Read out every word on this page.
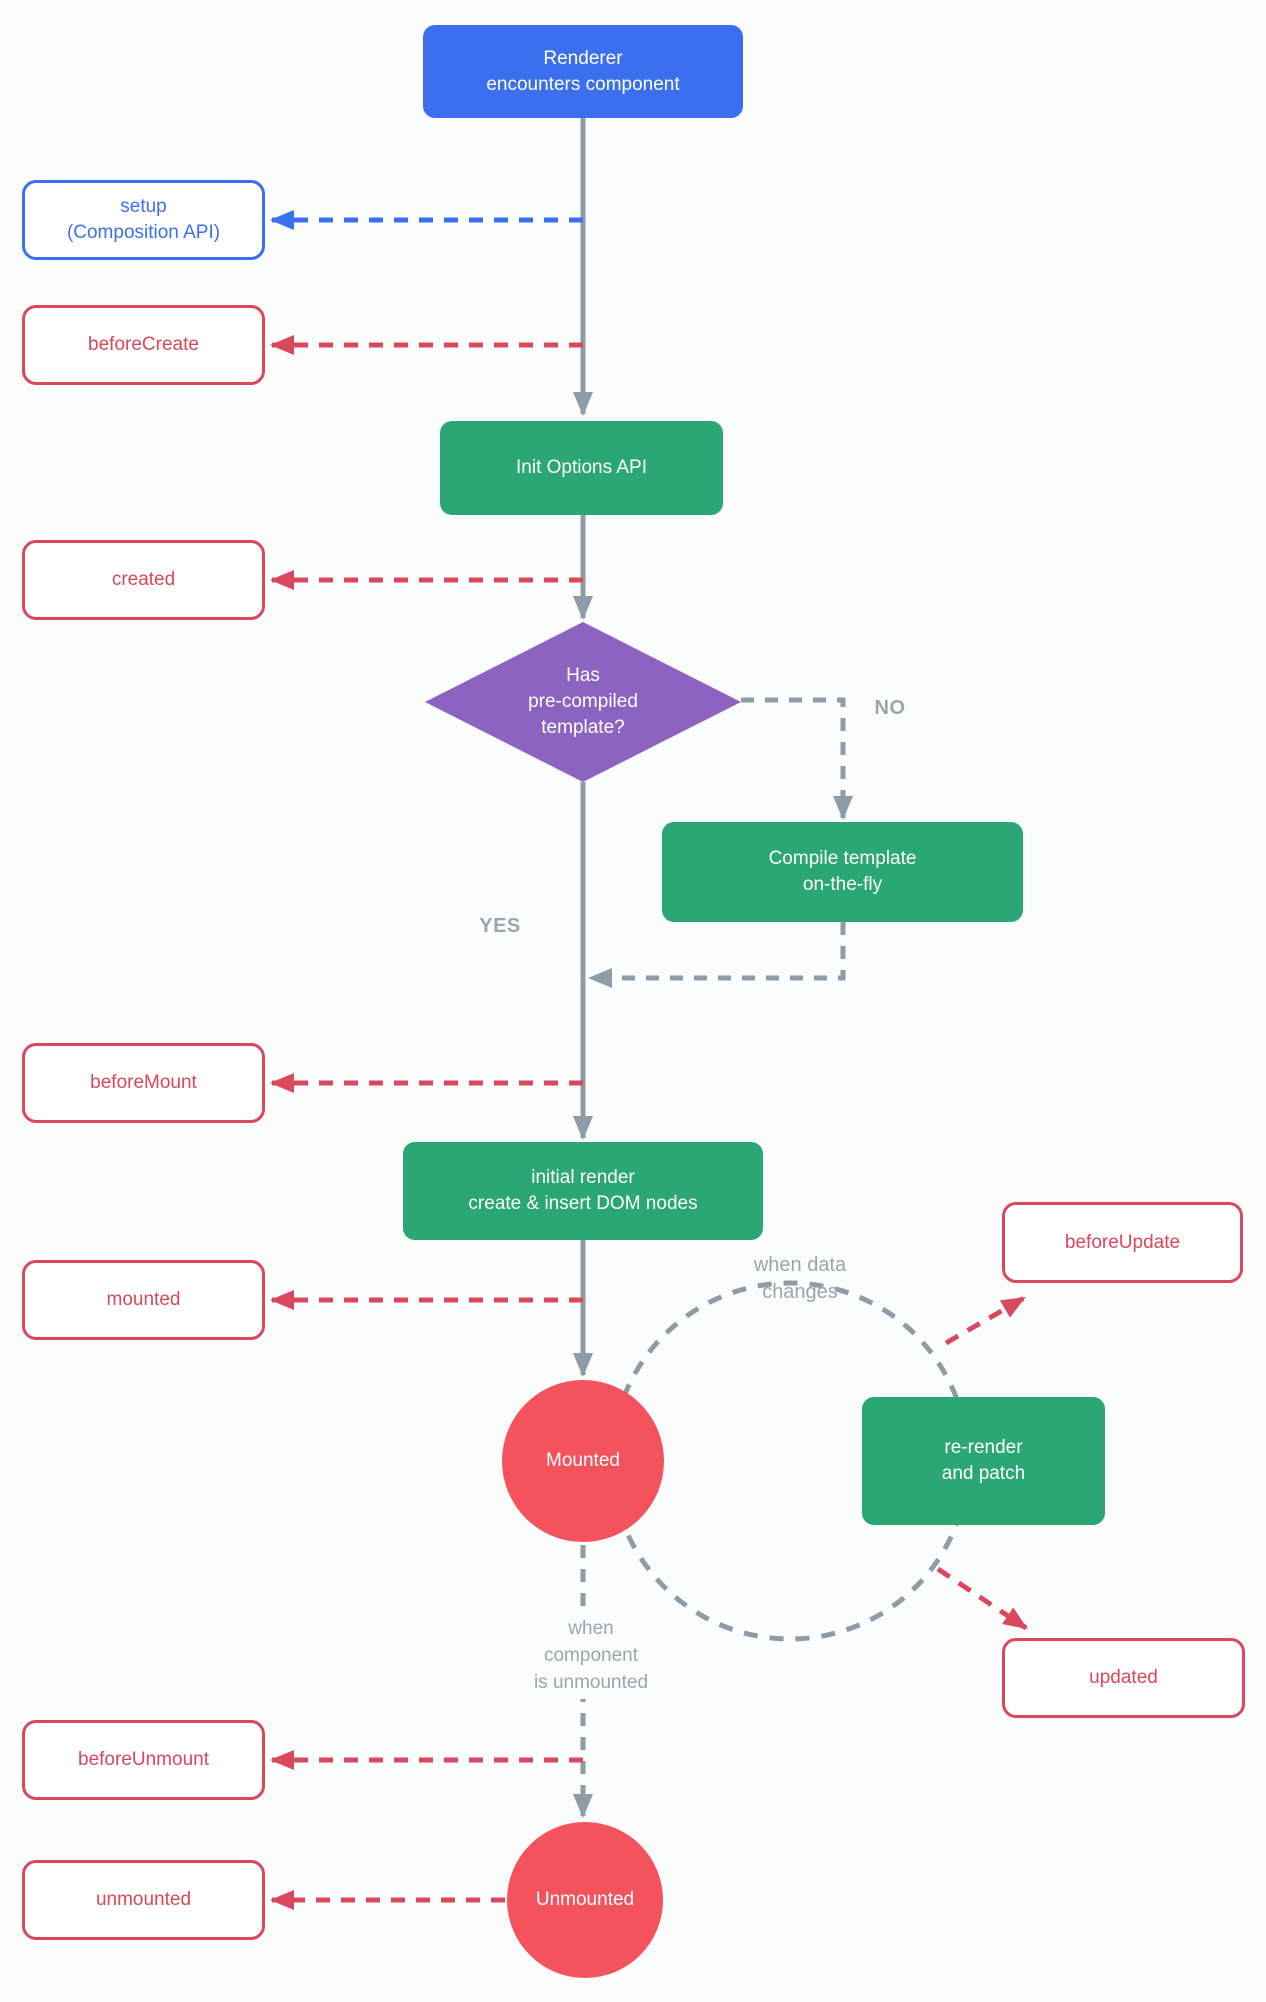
Renderer
encounters component
Init Options API
Has
pre-compiled
template?
Compile template
on-the-fly
initial render
create & insert DOM nodes
re-render
and patch
Mounted
Unmounted
setup
(Composition API)
beforeCreate
created
beforeMount
mounted
beforeUnmount
unmounted
beforeUpdate
updated
NO
YES
when data
changes
when
component
is unmounted
